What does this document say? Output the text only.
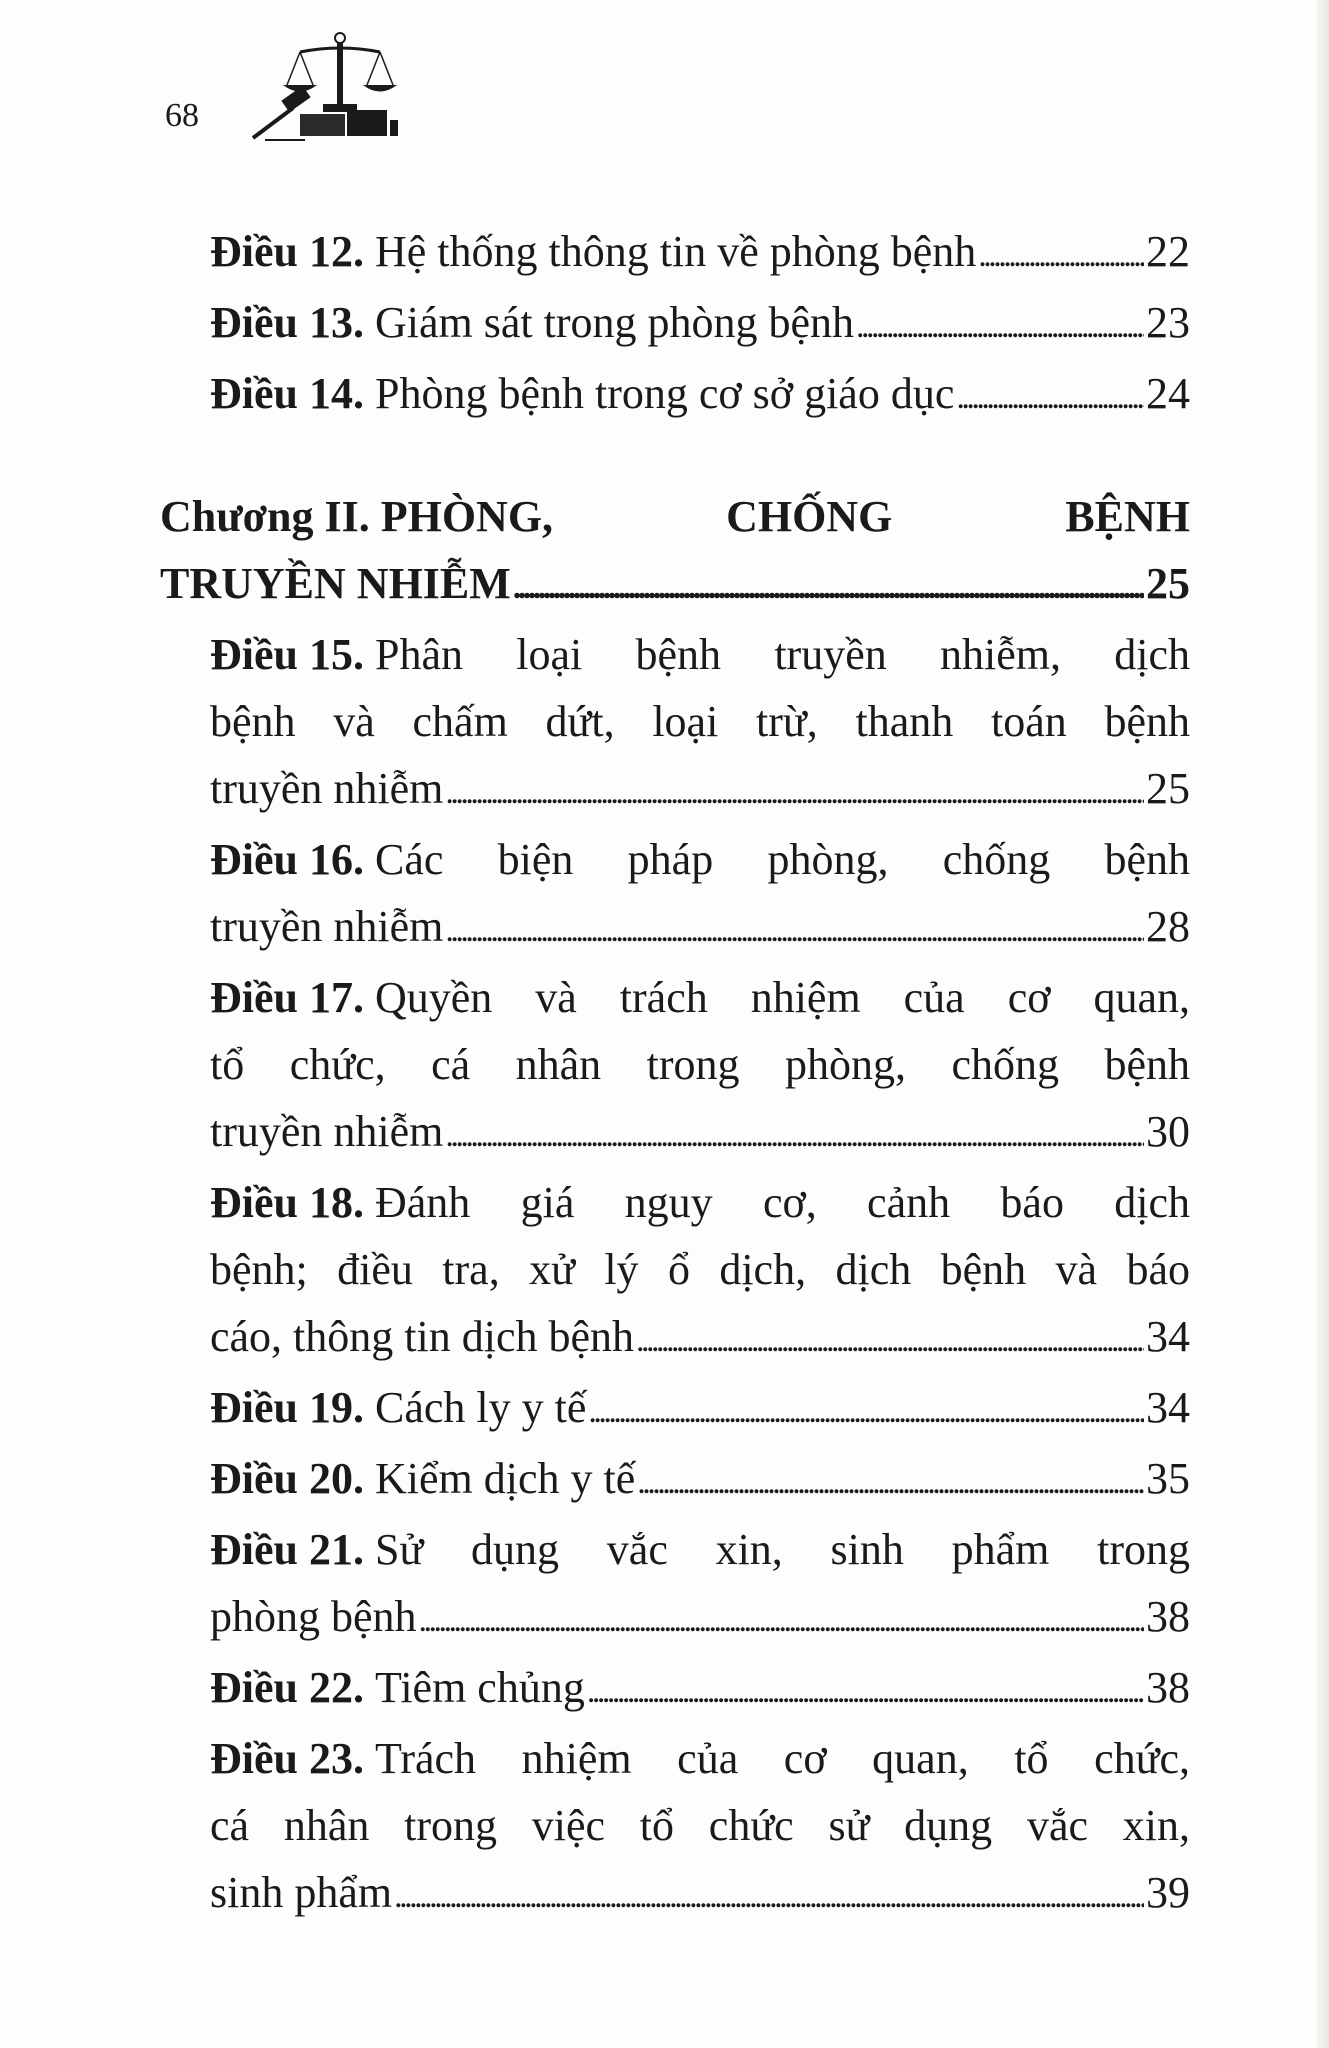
68
Điều 12.
Hệ thống thông tin về phòng bệnh . . .	22
Điều 13.
Giám sát trong phòng bệnh . . .	23
Điều 14.
Phòng bệnh trong cơ sở giáo dục . . .	24
Chương II.
PHÒNG, CHỐNG BỆNH
TRUYỀN NHIỄM . . .	25
Điều 15.
Phân loại bệnh truyền nhiễm, dịch
bệnh và chấm dứt, loại trừ, thanh toán bệnh
truyền nhiễm . . .	25
Điều 16.
Các biện pháp phòng, chống bệnh
truyền nhiễm . . .	28
Điều 17.
Quyền và trách nhiệm của cơ quan,
tổ chức, cá nhân trong phòng, chống bệnh
truyền nhiễm . . .	30
Điều 18.
Đánh giá nguy cơ, cảnh báo dịch
bệnh; điều tra, xử lý ổ dịch, dịch bệnh và báo
cáo, thông tin dịch bệnh . . .	34
Điều 19.
Cách ly y tế . . .	34
Điều 20.
Kiểm dịch y tế . . .	35
Điều 21.
Sử dụng vắc xin, sinh phẩm trong
phòng bệnh . . .	38
Điều 22.
Tiêm chủng . . .	38
Điều 23.
Trách nhiệm của cơ quan, tổ chức,
cá nhân trong việc tổ chức sử dụng vắc xin,
sinh phẩm . . .	39
